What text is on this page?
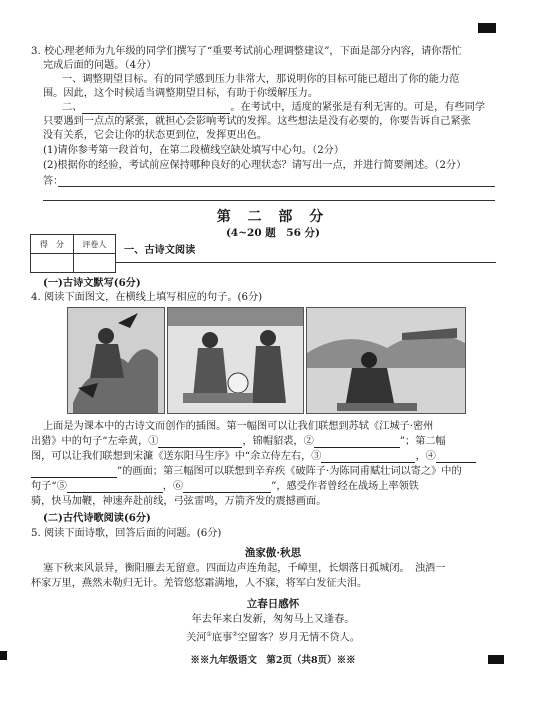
3. 校心理老师为九年级的同学们撰写了“重要考试前心理调整建议”，下面是部分内容，请你帮忙
完成后面的问题。（4分）
一、调整期望目标。有的同学感到压力非常大，那说明你的目标可能已超出了你的能力范
围。因此，这个时候适当调整期望目标，有助于你缓解压力。
二、	。在考试中，适度的紧张是有利无害的。可是，有些同学
只要遇到一点点的紧张，就担心会影响考试的发挥。这些想法是没有必要的，你要告诉自己紧张
没有关系，它会让你的状态更到位，发挥更出色。
(1)请你参考第一段首句，在第二段横线空缺处填写中心句。（2分）
(2)根据你的经验，考试前应保持哪种良好的心理状态？请写出一点，并进行简要阐述。（2分）
答：
第 二 部 分
(4~20 题　56 分)
得　分	评卷人
	一、古诗文阅读
(一)古诗文默写(6分)
4. 阅读下面图文，在横线上填写相应的句子。(6分)
上面是为课本中的古诗文而创作的插图。第一幅图可以让我们联想到苏轼《江城子·密州
出猎》中的句子“左牵黄，①	，锦帽貂裘，②	”；第二幅
图，可以让我们联想到宋濂《送东阳马生序》中“余立侍左右，③	，④
”的画面；第三幅图可以联想到辛弃疾《破阵子·为陈同甫赋壮词以寄之》中的
句子“⑤	，⑥	”，感受作者曾经在战场上率领铁
骑，快马加鞭，神速奔赴前线，弓弦雷鸣，万箭齐发的震撼画面。
(二)古代诗歌阅读(6分)
5. 阅读下面诗歌，回答后面的问题。(6分)
渔家傲·秋思
塞下秋来风景异，衡阳雁去无留意。四面边声连角起，千嶂里，长烟落日孤城闭。　浊酒一
杯家万里，燕然未勒归无计。羌管悠悠霜满地，人不寐，将军白发征夫泪。
立春日感怀
年去年来白发新，匆匆马上又逢春。
关河①底事②空留客？岁月无情不贷人。
※※九年级语文　第2页（共8页）※※
